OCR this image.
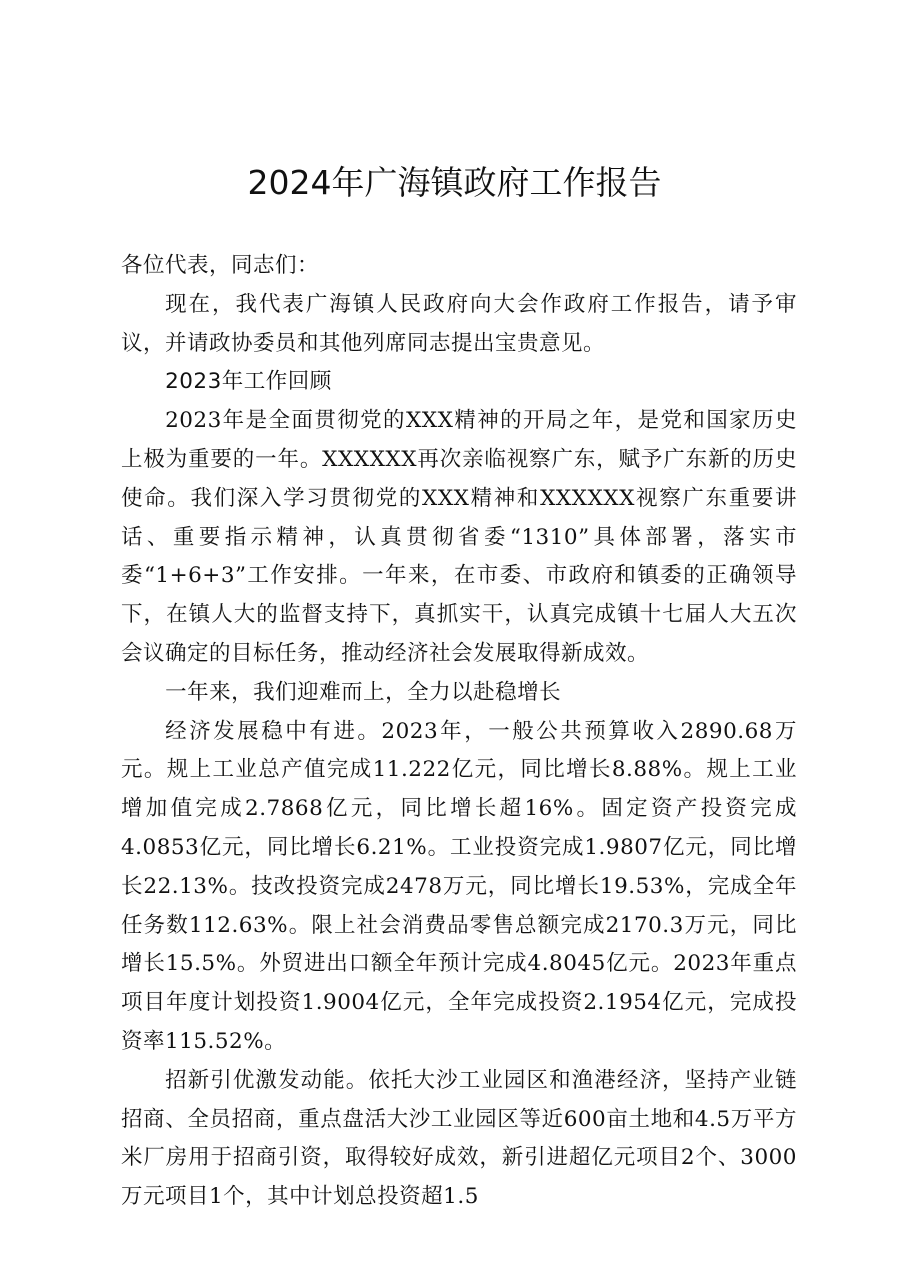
2024年广海镇政府工作报告

各位代表，同志们：

现在，我代表广海镇人民政府向大会作政府工作报告，请予审议，并请政协委员和其他列席同志提出宝贵意见。

2023年工作回顾

2023年是全面贯彻党的XXX精神的开局之年，是党和国家历史上极为重要的一年。XXXXXX再次亲临视察广东，赋予广东新的历史使命。我们深入学习贯彻党的XXX精神和XXXXXX视察广东重要讲话、重要指示精神，认真贯彻省委“1310”具体部署，落实市委“1+6+3”工作安排。一年来，在市委、市政府和镇委的正确领导下，在镇人大的监督支持下，真抓实干，认真完成镇十七届人大五次会议确定的目标任务，推动经济社会发展取得新成效。

一年来，我们迎难而上，全力以赴稳增长

经济发展稳中有进。2023年，一般公共预算收入2890.68万元。规上工业总产值完成11.222亿元，同比增长8.88%。规上工业增加值完成2.7868亿元，同比增长超16%。固定资产投资完成4.0853亿元，同比增长6.21%。工业投资完成1.9807亿元，同比增长22.13%。技改投资完成2478万元，同比增长19.53%，完成全年任务数112.63%。限上社会消费品零售总额完成2170.3万元，同比增长15.5%。外贸进出口额全年预计完成4.8045亿元。2023年重点项目年度计划投资1.9004亿元，全年完成投资2.1954亿元，完成投资率115.52%。

招新引优激发动能。依托大沙工业园区和渔港经济，坚持产业链招商、全员招商，重点盘活大沙工业园区等近600亩土地和4.5万平方米厂房用于招商引资，取得较好成效，新引进超亿元项目2个、3000万元项目1个，其中计划总投资超1.5
